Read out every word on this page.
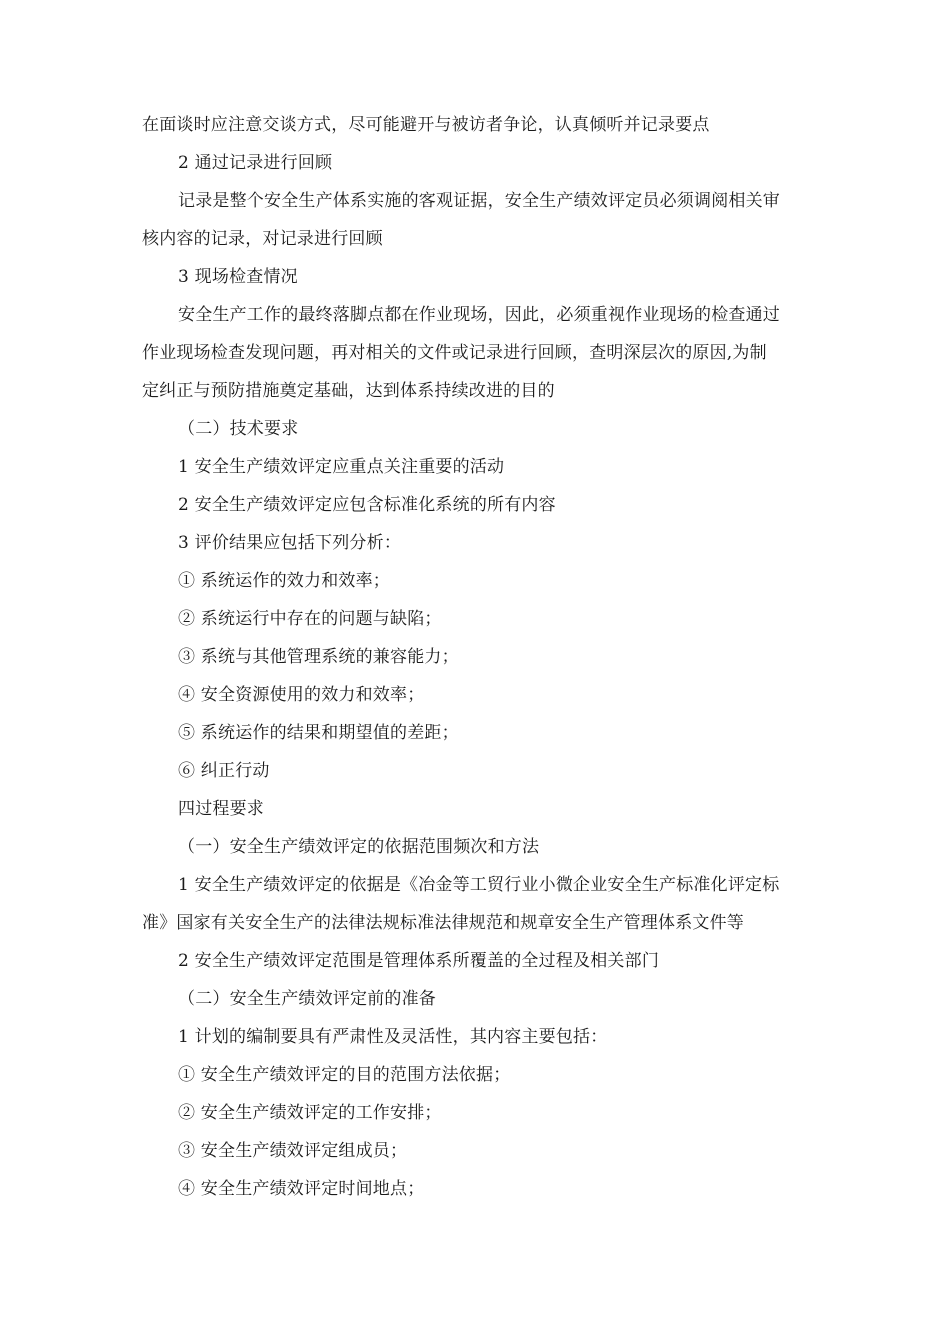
在面谈时应注意交谈方式，尽可能避开与被访者争论，认真倾听并记录要点
2 通过记录进行回顾
记录是整个安全生产体系实施的客观证据，安全生产绩效评定员必须调阅相关审
核内容的记录，对记录进行回顾
3 现场检查情况
安全生产工作的最终落脚点都在作业现场，因此，必须重视作业现场的检查通过
作业现场检查发现问题，再对相关的文件或记录进行回顾，查明深层次的原因,为制
定纠正与预防措施奠定基础，达到体系持续改进的目的
（二）技术要求
1 安全生产绩效评定应重点关注重要的活动
2 安全生产绩效评定应包含标准化系统的所有内容
3 评价结果应包括下列分析：
① 系统运作的效力和效率；
② 系统运行中存在的问题与缺陷；
③ 系统与其他管理系统的兼容能力；
④ 安全资源使用的效力和效率；
⑤ 系统运作的结果和期望值的差距；
⑥ 纠正行动
四过程要求
（一）安全生产绩效评定的依据范围频次和方法
1 安全生产绩效评定的依据是《冶金等工贸行业小微企业安全生产标准化评定标
准》国家有关安全生产的法律法规标准法律规范和规章安全生产管理体系文件等
2 安全生产绩效评定范围是管理体系所覆盖的全过程及相关部门
（二）安全生产绩效评定前的准备
1 计划的编制要具有严肃性及灵活性，其内容主要包括：
① 安全生产绩效评定的目的范围方法依据；
② 安全生产绩效评定的工作安排；
③ 安全生产绩效评定组成员；
④ 安全生产绩效评定时间地点；
